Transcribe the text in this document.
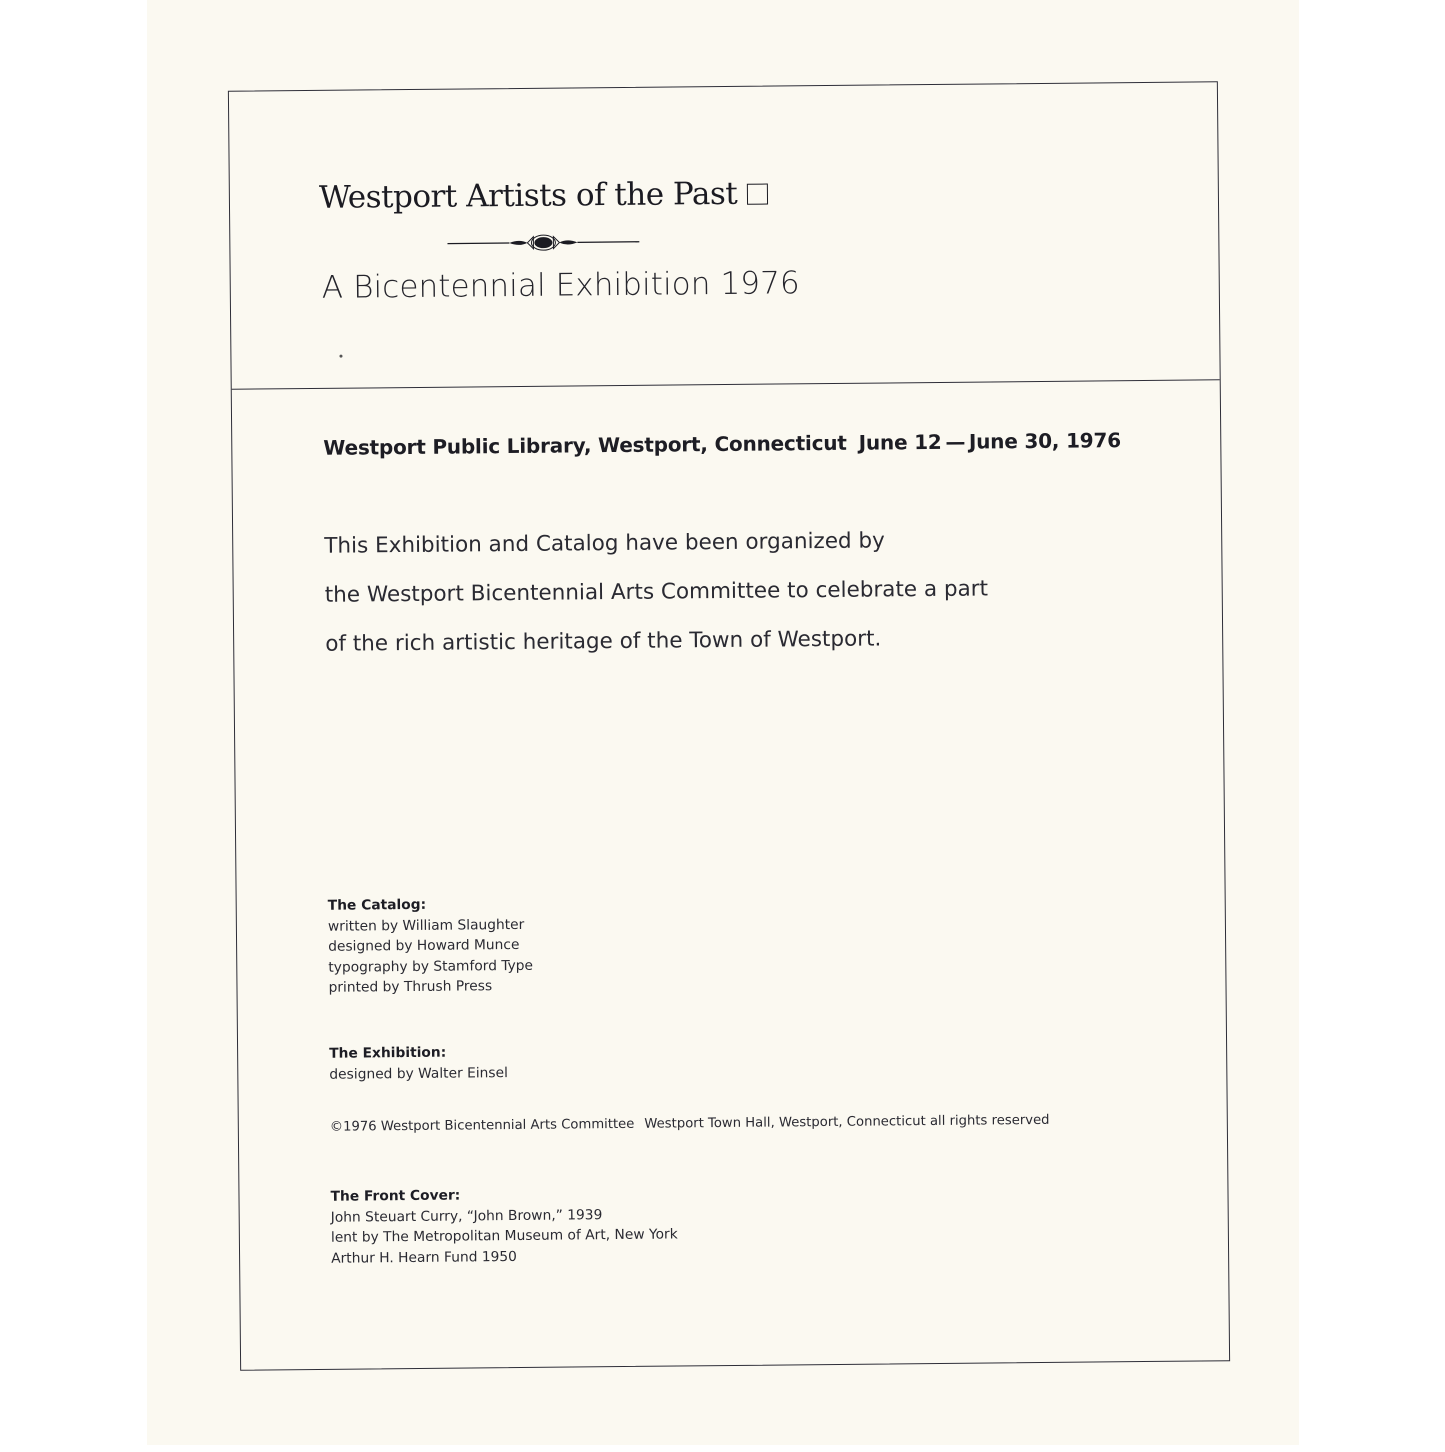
Westport Artists of the Past
A Bicentennial Exhibition 1976
Westport Public Library, Westport, Connecticut June 12 — June 30, 1976
This Exhibition and Catalog have been organized by
the Westport Bicentennial Arts Committee to celebrate a part
of the rich artistic heritage of the Town of Westport.
The Catalog:
written by William Slaughter
designed by Howard Munce
typography by Stamford Type
printed by Thrush Press
The Exhibition:
designed by Walter Einsel
©1976 Westport Bicentennial Arts Committee Westport Town Hall, Westport, Connecticut all rights reserved
The Front Cover:
John Steuart Curry, “John Brown,” 1939
lent by The Metropolitan Museum of Art, New York
Arthur H. Hearn Fund 1950
